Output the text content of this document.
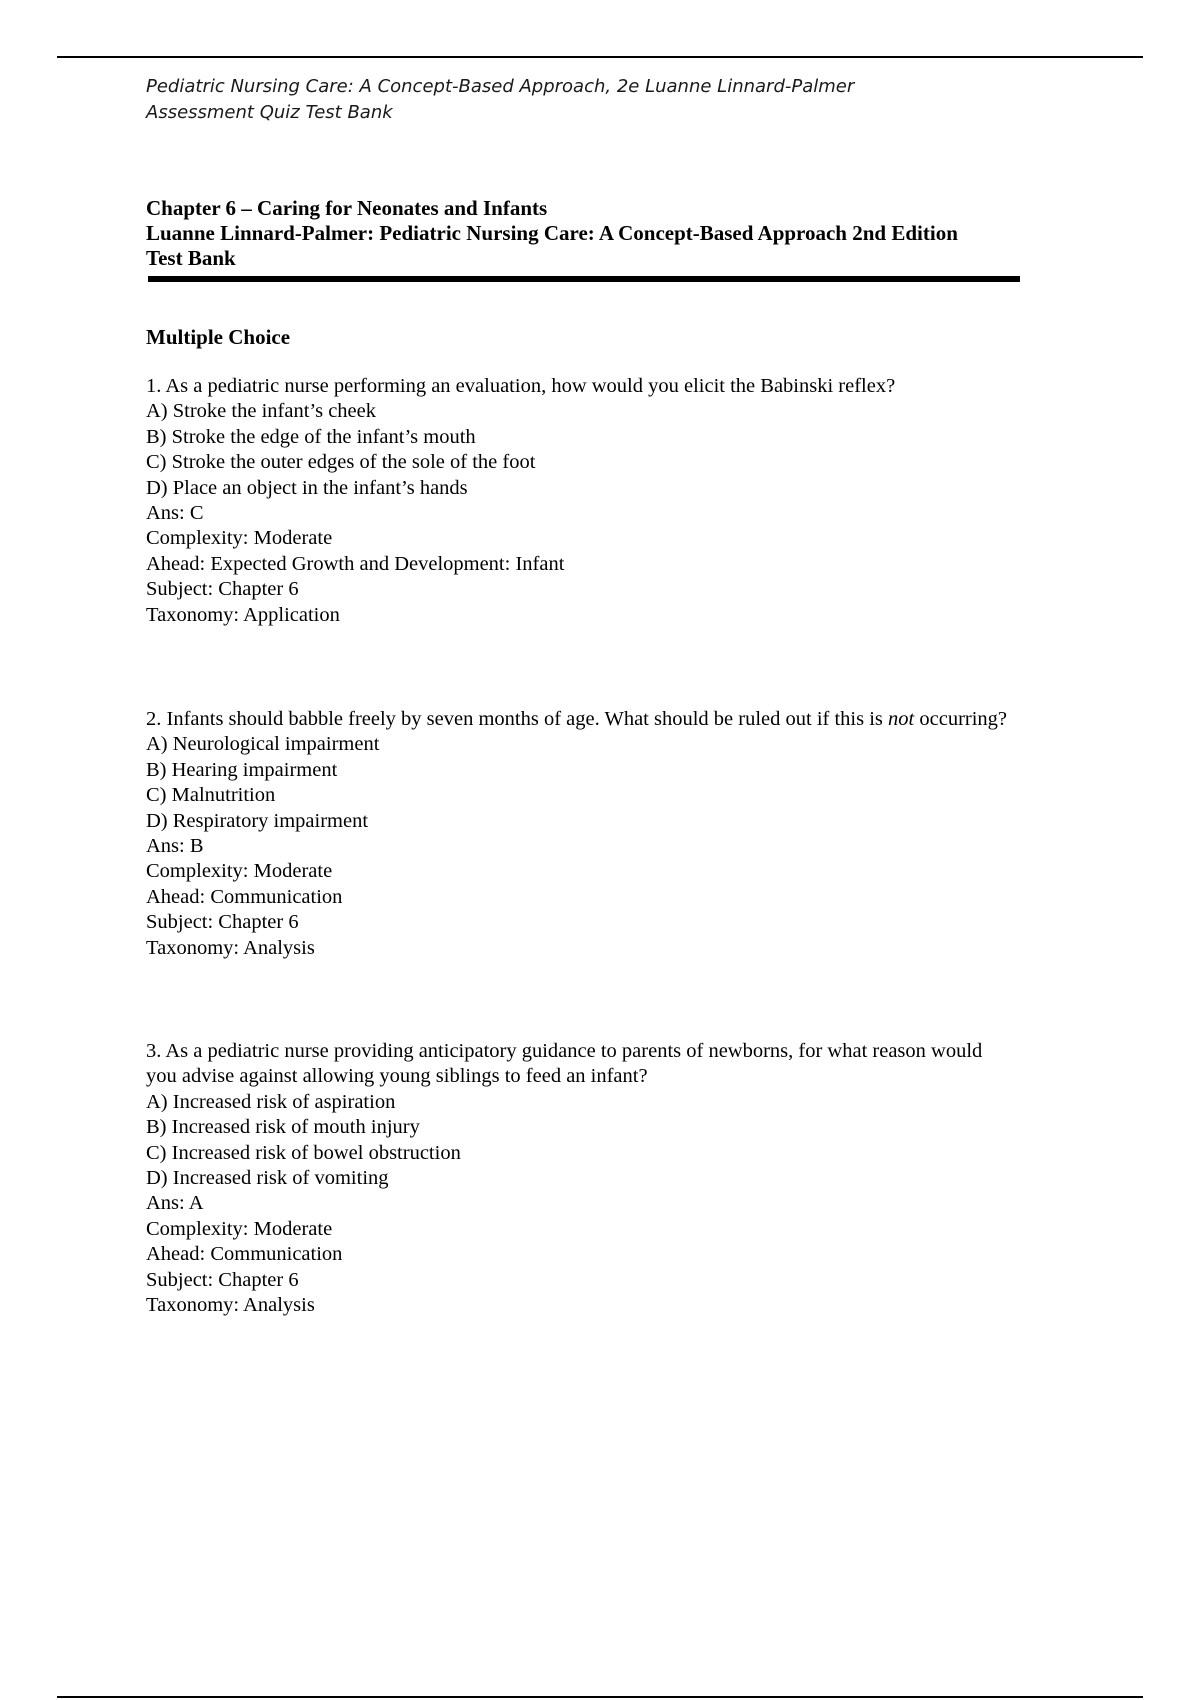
Pediatric Nursing Care: A Concept-Based Approach, 2e Luanne Linnard-Palmer
Assessment Quiz Test Bank
Chapter 6 – Caring for Neonates and Infants
Luanne Linnard-Palmer: Pediatric Nursing Care: A Concept-Based Approach 2nd Edition
Test Bank
Multiple Choice
1. As a pediatric nurse performing an evaluation, how would you elicit the Babinski reflex?
A) Stroke the infant’s cheek
B) Stroke the edge of the infant’s mouth
C) Stroke the outer edges of the sole of the foot
D) Place an object in the infant’s hands
Ans: C
Complexity: Moderate
Ahead: Expected Growth and Development: Infant
Subject: Chapter 6
Taxonomy: Application
2. Infants should babble freely by seven months of age. What should be ruled out if this is not occurring?
A) Neurological impairment
B) Hearing impairment
C) Malnutrition
D) Respiratory impairment
Ans: B
Complexity: Moderate
Ahead: Communication
Subject: Chapter 6
Taxonomy: Analysis
3. As a pediatric nurse providing anticipatory guidance to parents of newborns, for what reason would
you advise against allowing young siblings to feed an infant?
A) Increased risk of aspiration
B) Increased risk of mouth injury
C) Increased risk of bowel obstruction
D) Increased risk of vomiting
Ans: A
Complexity: Moderate
Ahead: Communication
Subject: Chapter 6
Taxonomy: Analysis
